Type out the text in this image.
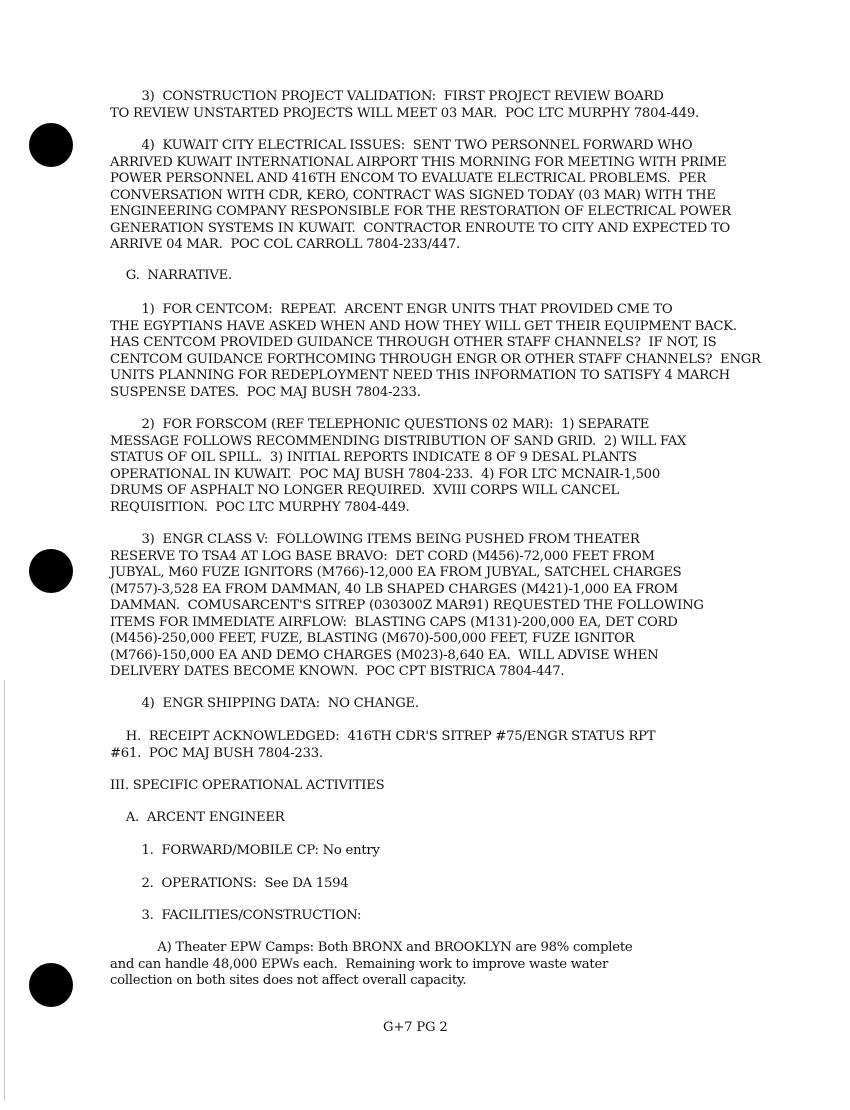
3)  CONSTRUCTION PROJECT VALIDATION:  FIRST PROJECT REVIEW BOARD
TO REVIEW UNSTARTED PROJECTS WILL MEET 03 MAR.  POC LTC MURPHY 7804-449.

4)  KUWAIT CITY ELECTRICAL ISSUES:  SENT TWO PERSONNEL FORWARD WHO
ARRIVED KUWAIT INTERNATIONAL AIRPORT THIS MORNING FOR MEETING WITH PRIME
POWER PERSONNEL AND 416TH ENCOM TO EVALUATE ELECTRICAL PROBLEMS.  PER
CONVERSATION WITH CDR, KERO, CONTRACT WAS SIGNED TODAY (03 MAR) WITH THE
ENGINEERING COMPANY RESPONSIBLE FOR THE RESTORATION OF ELECTRICAL POWER
GENERATION SYSTEMS IN KUWAIT.  CONTRACTOR ENROUTE TO CITY AND EXPECTED TO
ARRIVE 04 MAR.  POC COL CARROLL 7804-233/447.

G.  NARRATIVE.

1)  FOR CENTCOM:  REPEAT.  ARCENT ENGR UNITS THAT PROVIDED CME TO
THE EGYPTIANS HAVE ASKED WHEN AND HOW THEY WILL GET THEIR EQUIPMENT BACK.
HAS CENTCOM PROVIDED GUIDANCE THROUGH OTHER STAFF CHANNELS?  IF NOT, IS
CENTCOM GUIDANCE FORTHCOMING THROUGH ENGR OR OTHER STAFF CHANNELS?  ENGR
UNITS PLANNING FOR REDEPLOYMENT NEED THIS INFORMATION TO SATISFY 4 MARCH
SUSPENSE DATES.  POC MAJ BUSH 7804-233.

2)  FOR FORSCOM (REF TELEPHONIC QUESTIONS 02 MAR):  1) SEPARATE
MESSAGE FOLLOWS RECOMMENDING DISTRIBUTION OF SAND GRID.  2) WILL FAX
STATUS OF OIL SPILL.  3) INITIAL REPORTS INDICATE 8 OF 9 DESAL PLANTS
OPERATIONAL IN KUWAIT.  POC MAJ BUSH 7804-233.  4) FOR LTC MCNAIR-1,500
DRUMS OF ASPHALT NO LONGER REQUIRED.  XVIII CORPS WILL CANCEL
REQUISITION.  POC LTC MURPHY 7804-449.

3)  ENGR CLASS V:  FOLLOWING ITEMS BEING PUSHED FROM THEATER
RESERVE TO TSA4 AT LOG BASE BRAVO:  DET CORD (M456)-72,000 FEET FROM
JUBYAL, M60 FUZE IGNITORS (M766)-12,000 EA FROM JUBYAL, SATCHEL CHARGES
(M757)-3,528 EA FROM DAMMAN, 40 LB SHAPED CHARGES (M421)-1,000 EA FROM
DAMMAN.  COMUSARCENT'S SITREP (030300Z MAR91) REQUESTED THE FOLLOWING
ITEMS FOR IMMEDIATE AIRFLOW:  BLASTING CAPS (M131)-200,000 EA, DET CORD
(M456)-250,000 FEET, FUZE, BLASTING (M670)-500,000 FEET, FUZE IGNITOR
(M766)-150,000 EA AND DEMO CHARGES (M023)-8,640 EA.  WILL ADVISE WHEN
DELIVERY DATES BECOME KNOWN.  POC CPT BISTRICA 7804-447.

4)  ENGR SHIPPING DATA:  NO CHANGE.

H.  RECEIPT ACKNOWLEDGED:  416TH CDR'S SITREP #75/ENGR STATUS RPT
#61.  POC MAJ BUSH 7804-233.

III. SPECIFIC OPERATIONAL ACTIVITIES

A.  ARCENT ENGINEER

1.  FORWARD/MOBILE CP: No entry

2.  OPERATIONS:  See DA 1594

3.  FACILITIES/CONSTRUCTION:

A) Theater EPW Camps: Both BRONX and BROOKLYN are 98% complete
and can handle 48,000 EPWs each.  Remaining work to improve waste water
collection on both sites does not affect overall capacity.

G+7 PG 2
